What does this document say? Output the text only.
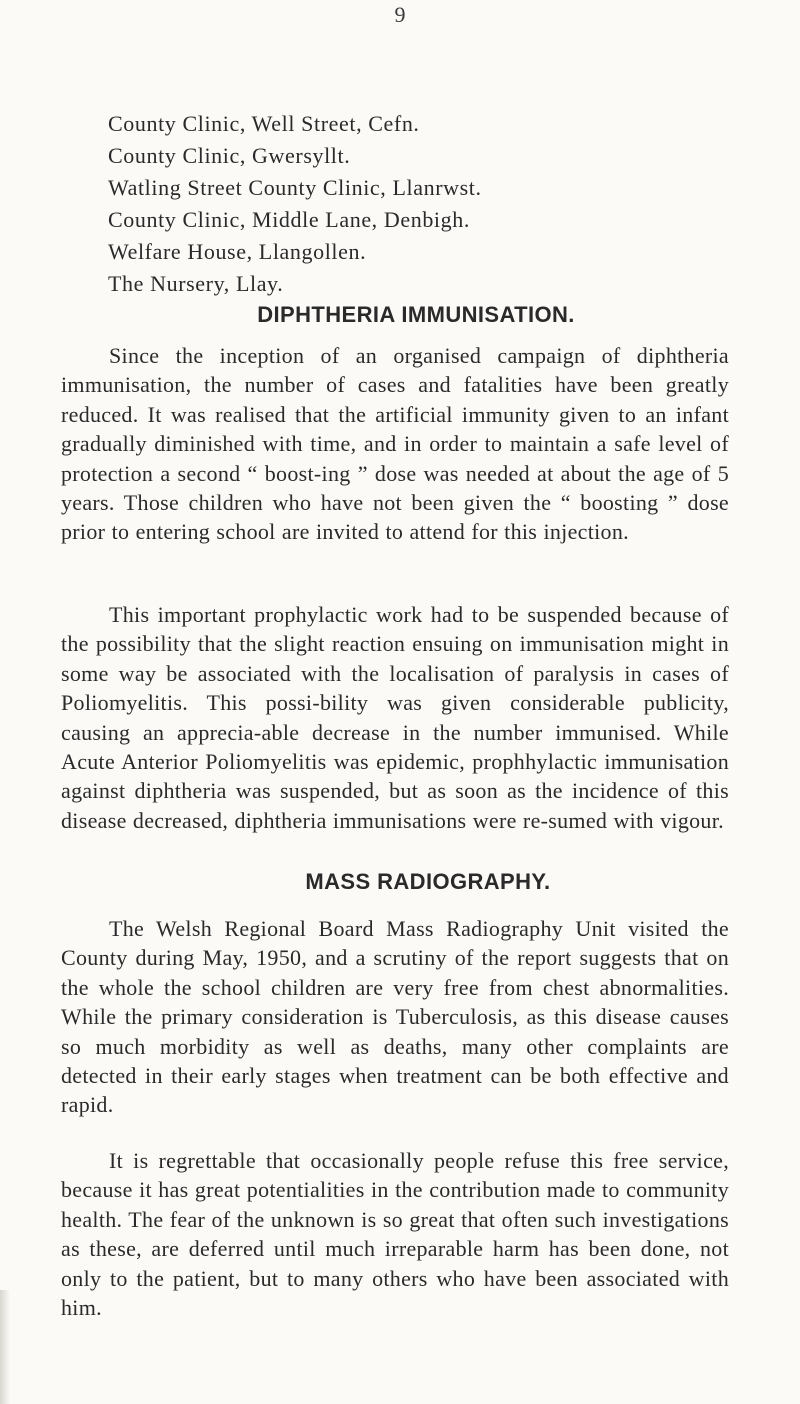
9
County Clinic, Well Street, Cefn.
County Clinic, Gwersyllt.
Watling Street County Clinic, Llanrwst.
County Clinic, Middle Lane, Denbigh.
Welfare House, Llangollen.
The Nursery, Llay.
DIPHTHERIA IMMUNISATION.

Since the inception of an organised campaign of diphtheria immunisation, the number of cases and fatalities have been greatly reduced. It was realised that the artificial immunity given to an infant gradually diminished with time, and in order to maintain a safe level of protection a second “ boost-ing ” dose was needed at about the age of 5 years. Those children who have not been given the “ boosting ” dose prior to entering school are invited to attend for this injection.

This important prophylactic work had to be suspended because of the possibility that the slight reaction ensuing on immunisation might in some way be associated with the localisation of paralysis in cases of Poliomyelitis. This possi-bility was given considerable publicity, causing an apprecia-able decrease in the number immunised. While Acute Anterior Poliomyelitis was epidemic, prophhylactic immunisation against diphtheria was suspended, but as soon as the incidence of this disease decreased, diphtheria immunisations were re-sumed with vigour.

MASS RADIOGRAPHY.

The Welsh Regional Board Mass Radiography Unit visited the County during May, 1950, and a scrutiny of the report suggests that on the whole the school children are very free from chest abnormalities. While the primary consideration is Tuberculosis, as this disease causes so much morbidity as well as deaths, many other complaints are detected in their early stages when treatment can be both effective and rapid.

It is regrettable that occasionally people refuse this free service, because it has great potentialities in the contribution made to community health. The fear of the unknown is so great that often such investigations as these, are deferred until much irreparable harm has been done, not only to the patient, but to many others who have been associated with him.
